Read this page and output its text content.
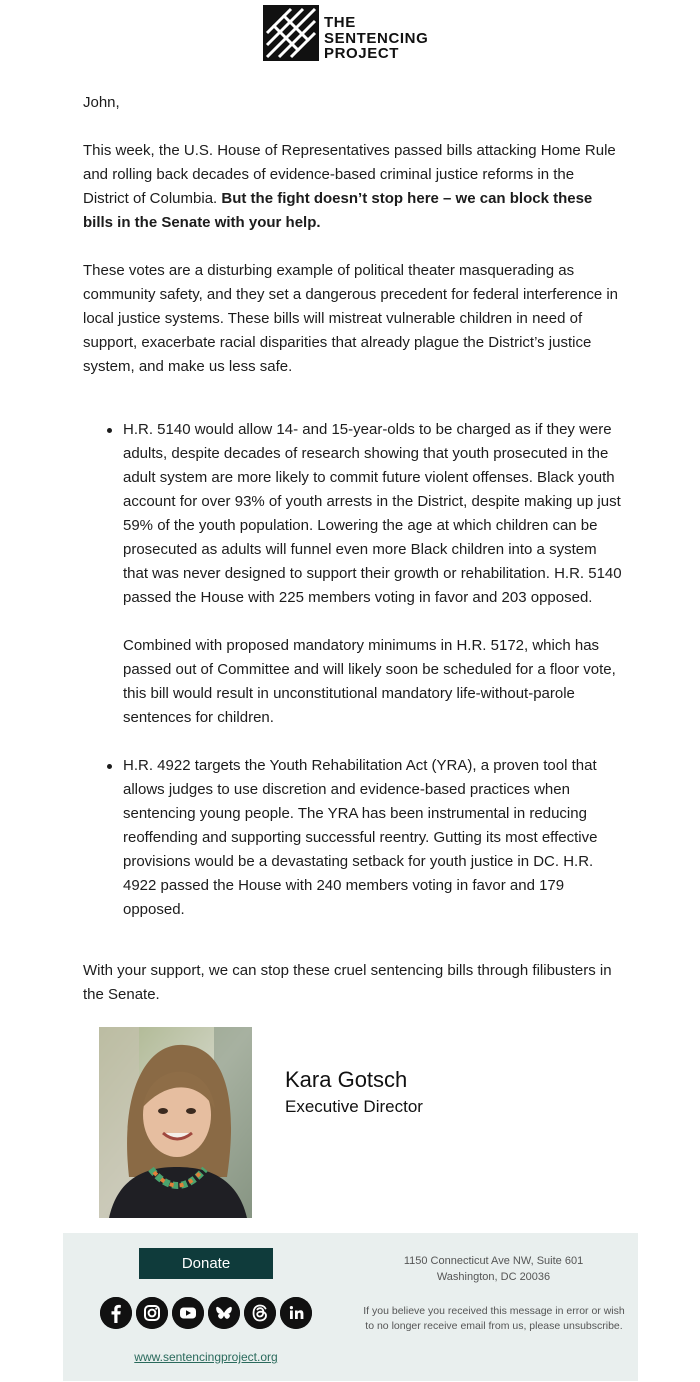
THE
SENTENCING
PROJECT
John,
This week, the U.S. House of Representatives passed bills attacking Home Rule and rolling back decades of evidence-based criminal justice reforms in the District of Columbia. But the fight doesn’t stop here – we can block these bills in the Senate with your help.
These votes are a disturbing example of political theater masquerading as community safety, and they set a dangerous precedent for federal interference in local justice systems. These bills will mistreat vulnerable children in need of support, exacerbate racial disparities that already plague the District’s justice system, and make us less safe.
H.R. 5140 would allow 14- and 15-year-olds to be charged as if they were adults, despite decades of research showing that youth prosecuted in the adult system are more likely to commit future violent offenses. Black youth account for over 93% of youth arrests in the District, despite making up just 59% of the youth population. Lowering the age at which children can be prosecuted as adults will funnel even more Black children into a system that was never designed to support their growth or rehabilitation. H.R. 5140 passed the House with 225 members voting in favor and 203 opposed.
Combined with proposed mandatory minimums in H.R. 5172, which has passed out of Committee and will likely soon be scheduled for a floor vote, this bill would result in unconstitutional mandatory life-without-parole sentences for children.
H.R. 4922 targets the Youth Rehabilitation Act (YRA), a proven tool that allows judges to use discretion and evidence-based practices when sentencing young people. The YRA has been instrumental in reducing reoffending and supporting successful reentry. Gutting its most effective provisions would be a devastating setback for youth justice in DC. H.R. 4922 passed the House with 240 members voting in favor and 179 opposed.
With your support, we can stop these cruel sentencing bills through filibusters in the Senate.
Kara Gotsch
Executive Director
Donate
www.sentencingproject.org
1150 Connecticut Ave NW, Suite 601
Washington, DC 20036
If you believe you received this message in error or wish to no longer receive email from us, please unsubscribe.
